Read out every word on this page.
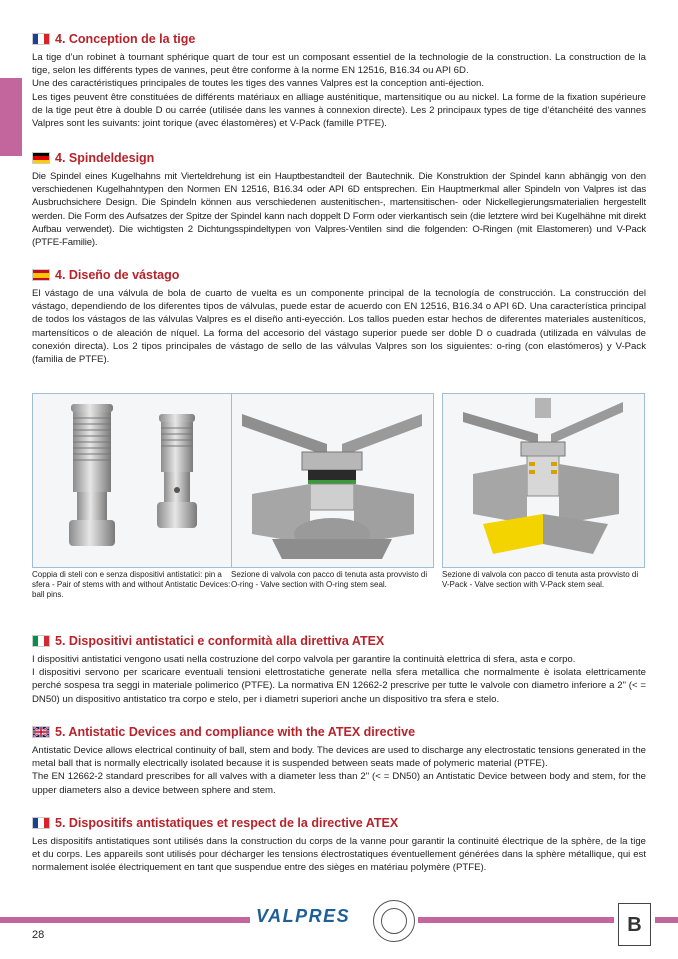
4. Conception de la tige

La tige d’un robinet à tournant sphérique quart de tour est un composant essentiel de la technologie de la construction. La construction de la tige, selon les différents types de vannes, peut être conforme à la norme EN 12516, B16.34 ou API 6D.

Une des caractéristiques principales de toutes les tiges des vannes Valpres est la conception anti-éjection.

Les tiges peuvent être constituées de différents matériaux en alliage austénitique, martensitique ou au nickel. La forme de la fixation supérieure de la tige peut être à double D ou carrée (utilisée dans les vannes à connexion directe). Les 2 principaux types de tige d’étanchéité des vannes Valpres sont les suivants: joint torique (avec élastomères) et V-Pack (famille PTFE).

4. Spindeldesign

Die Spindel eines Kugelhahns mit Vierteldrehung ist ein Hauptbestandteil der Bautechnik. Die Konstruktion der Spindel kann abhängig von den verschiedenen Kugelhahntypen den Normen EN 12516, B16.34 oder API 6D entsprechen. Ein Hauptmerkmal aller Spindeln von Valpres ist das Ausbruchsichere Design. Die Spindeln können aus verschiedenen austenitischen-, martensitischen- oder Nickellegierungsmaterialien hergestellt werden. Die Form des Aufsatzes der Spitze der Spindel kann nach doppelt D Form oder vierkantisch sein (die letztere wird bei Kugelhähne mit direkt Aufbau verwendet). Die wichtigsten 2 Dichtungsspindeltypen von Valpres-Ventilen sind die folgenden: O-Ringen (mit Elastomeren) und V-Pack (PTFE-Familie).

4. Diseño de vástago

El vástago de una válvula de bola de cuarto de vuelta es un componente principal de la tecnología de construcción. La construcción del vástago, dependiendo de los diferentes tipos de válvulas, puede estar de acuerdo con EN 12516, B16.34 o API 6D. Una característica principal de todos los vástagos de las válvulas Valpres es el diseño anti-eyección. Los tallos pueden estar hechos de diferentes materiales austeníticos, martensíticos o de aleación de níquel. La forma del accesorio del vástago superior puede ser doble D o cuadrada (utilizada en válvulas de conexión directa). Los 2 tipos principales de vástago de sello de las válvulas Valpres son los siguientes: o-ring (con elastómeros) y V-Pack (familia de PTFE).

Coppia di steli con e senza dispositivi antistatici: pin a sfera - Pair of stems with and without Antistatic Devices: ball pins.
Sezione di valvola con pacco di tenuta asta provvisto di O-ring - Valve section with O-ring stem seal.
Sezione di valvola con pacco di tenuta asta provvisto di V-Pack - Valve section with V-Pack stem seal.
5. Dispositivi antistatici e conformità alla direttiva ATEX

I dispositivi antistatici vengono usati nella costruzione del corpo valvola per garantire la continuità elettrica di sfera, asta e corpo.

I dispositivi servono per scaricare eventuali tensioni elettrostatiche generate nella sfera metallica che normalmente è isolata elettricamente perché sospesa tra seggi in materiale polimerico (PTFE). La normativa EN 12662-2 prescrive per tutte le valvole con diametro inferiore a 2" (< = DN50) un dispositivo antistatico tra corpo e stelo, per i diametri superiori anche un dispositivo tra sfera e stelo.

5. Antistatic Devices and compliance with the ATEX directive

Antistatic Device allows electrical continuity of ball, stem and body. The devices are used to discharge any electrostatic tensions generated in the metal ball that is normally electrically isolated because it is suspended between seats made of polymeric material (PTFE).

The EN 12662-2 standard prescribes for all valves with a diameter less than 2" (< = DN50) an Antistatic Device between body and stem, for the upper diameters also a device between sphere and stem.

5. Dispositifs antistatiques et respect de la directive ATEX

Les dispositifs antistatiques sont utilisés dans la construction du corps de la vanne pour garantir la continuité électrique de la sphère, de la tige et du corps. Les appareils sont utilisés pour décharger les tensions électrostatiques éventuellement générées dans la sphère métallique, qui est normalement isolée électriquement en tant que suspendue entre des sièges en matériau polymère (PTFE).

28
VALPRES	B
